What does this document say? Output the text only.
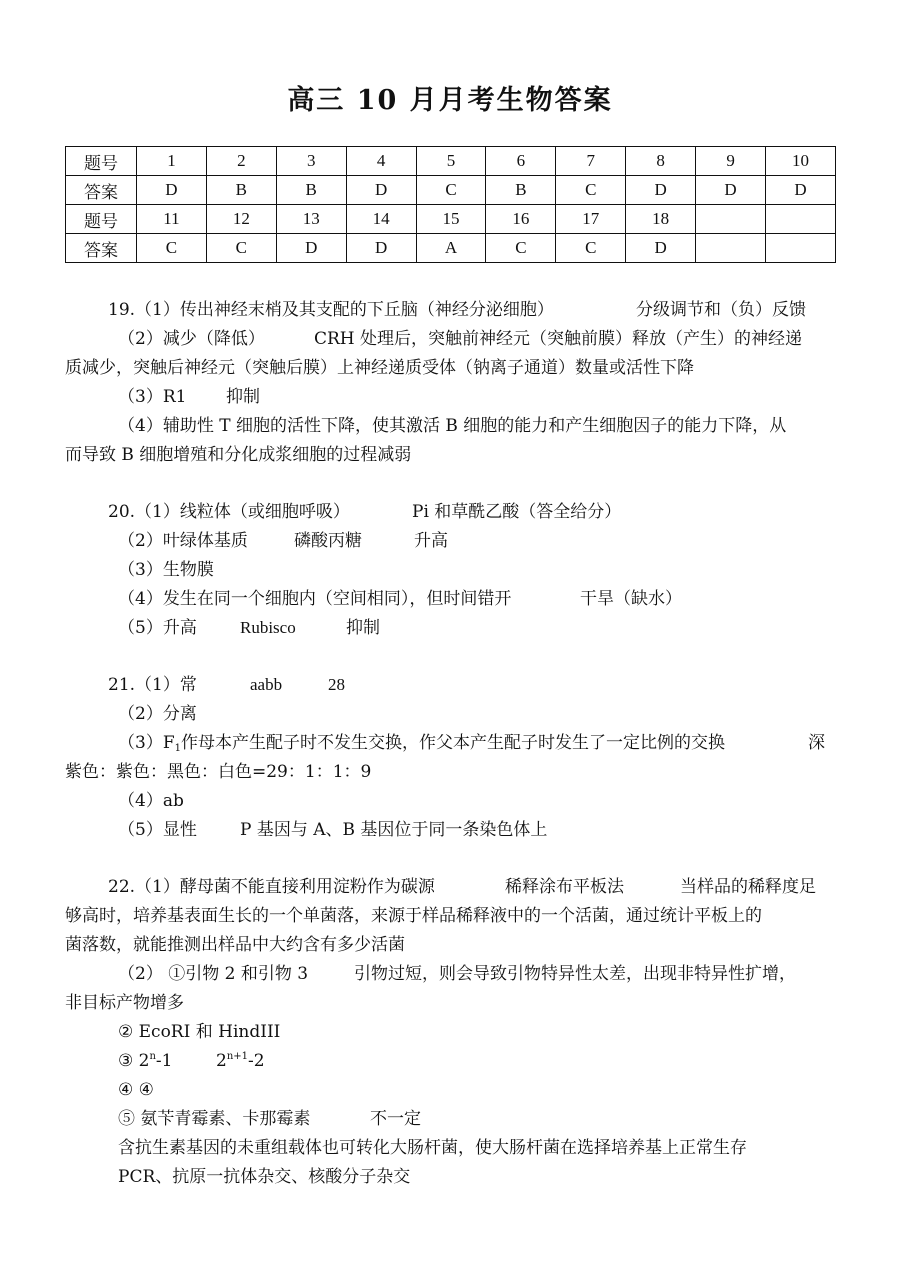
高三 10 月月考生物答案
题号	1	2	3	4	5	6	7	8	9	10
答案	D	B	B	D	C	B	C	D	D	D
题号	11	12	13	14	15	16	17	18		
答案	C	C	D	D	A	C	C	D		
19.（1）传出神经末梢及其支配的下丘脑（神经分泌细胞）	分级调节和（负）反馈
（2）减少（降低）	CRH 处理后，突触前神经元（突触前膜）释放（产生）的神经递
质减少，突触后神经元（突触后膜）上神经递质受体（钠离子通道）数量或活性下降
（3）R1 抑制
（4）辅助性 T 细胞的活性下降，使其激活 B 细胞的能力和产生细胞因子的能力下降，从
而导致 B 细胞增殖和分化成浆细胞的过程减弱
20.（1）线粒体（或细胞呼吸）	Pi 和草酰乙酸（答全给分）
（2）叶绿体基质	磷酸丙糖	升高
（3）生物膜
（4）发生在同一个细胞内（空间相同），但时间错开	干旱（缺水）
（5）升高	Rubisco	抑制
21.（1）常	aabb	28
（2）分离
$(3)F_1$作母本产生配子时不发生交换，作父本产生配子时发生了一定比例的交换	深
紫色：紫色：黑色：白色=29：1：1：9
（4）ab
（5）显性	P 基因与 A、B 基因位于同一条染色体上
22.（1）酵母菌不能直接利用淀粉作为碳源	稀释涂布平板法	当样品的稀释度足
够高时，培养基表面生长的一个单菌落，来源于样品稀释液中的一个活菌，通过统计平板上的
菌落数，就能推测出样品中大约含有多少活菌
（2） ①引物 2 和引物 3	引物过短，则会导致引物特异性太差，出现非特异性扩增，
非目标产物增多
② EcoRI 和 HindIII
③ 2$^n$-1	$2^{n+1}-2$
④ ④
⑤ 氨苄青霉素、卡那霉素	不一定
含抗生素基因的未重组载体也可转化大肠杆菌，使大肠杆菌在选择培养基上正常生存
PCR、抗原一抗体杂交、核酸分子杂交
